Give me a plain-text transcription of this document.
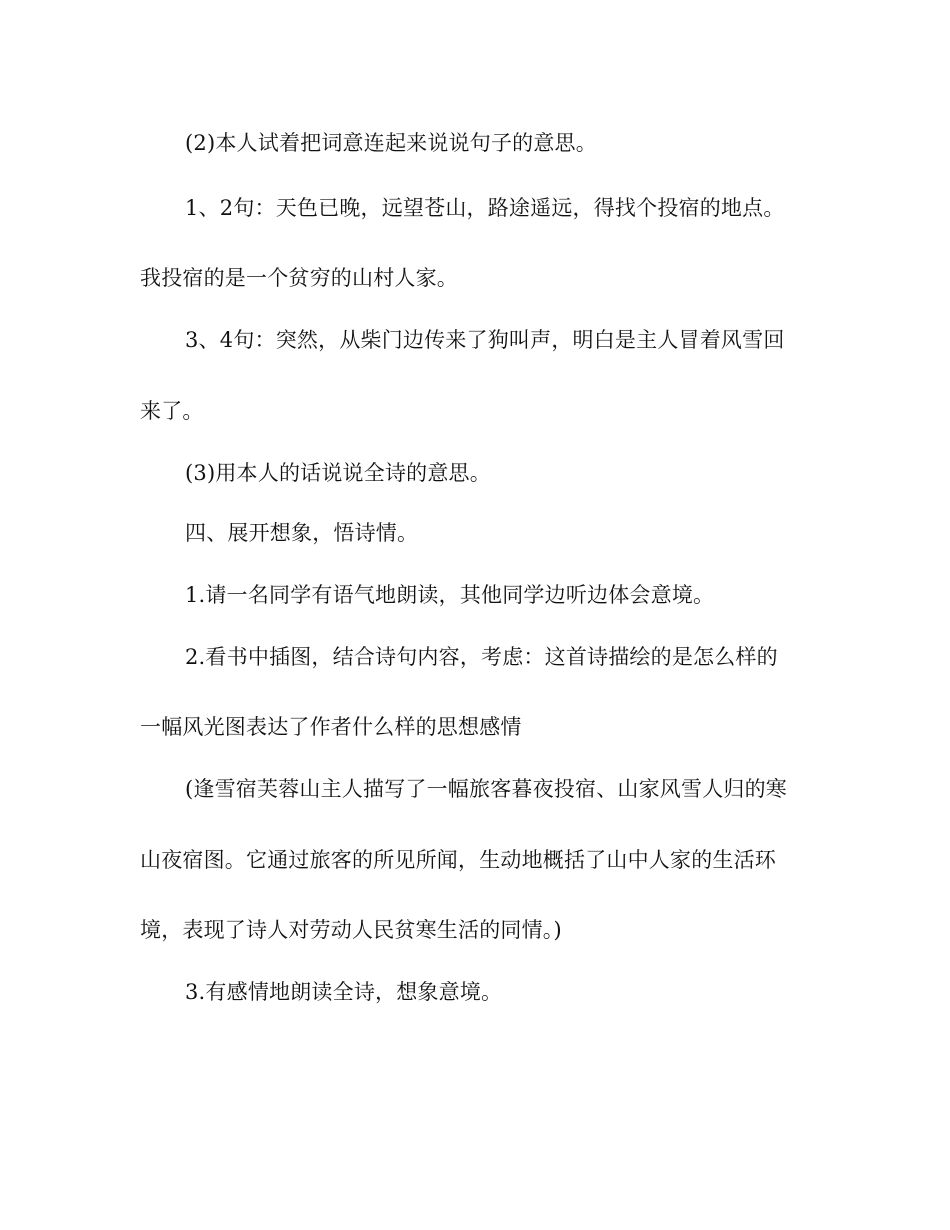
(2)本人试着把词意连起来说说句子的意思。
1、2句：天色已晚，远望苍山，路途遥远，得找个投宿的地点。
我投宿的是一个贫穷的山村人家。
3、4句：突然，从柴门边传来了狗叫声，明白是主人冒着风雪回
来了。
(3)用本人的话说说全诗的意思。
四、展开想象，悟诗情。
1.请一名同学有语气地朗读，其他同学边听边体会意境。
2.看书中插图，结合诗句内容，考虑：这首诗描绘的是怎么样的
一幅风光图表达了作者什么样的思想感情
(逢雪宿芙蓉山主人描写了一幅旅客暮夜投宿、山家风雪人归的寒
山夜宿图。它通过旅客的所见所闻，生动地概括了山中人家的生活环
境，表现了诗人对劳动人民贫寒生活的同情。)
3.有感情地朗读全诗，想象意境。
